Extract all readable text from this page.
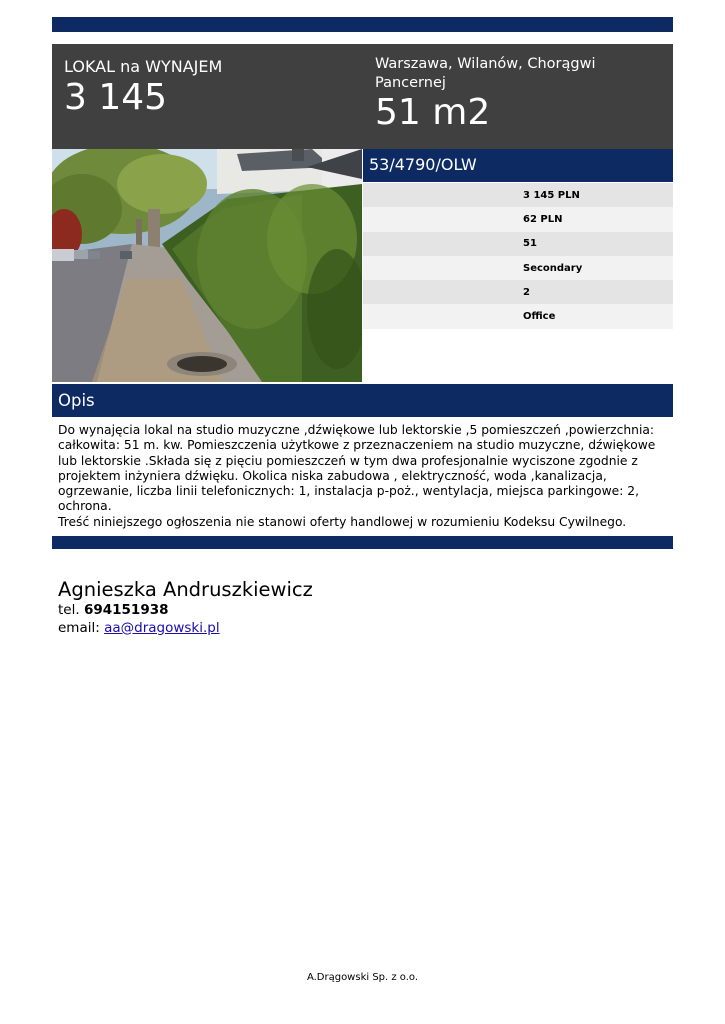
LOKAL na WYNAJEM
3 145
Warszawa, Wilanów, Chorągwi Pancernej
51 m2
53/4790/OLW
3 145 PLN
62 PLN
51
Secondary
2
Office
Opis

Do wynajęcia lokal na studio muzyczne ,dźwiękowe lub lektorskie ,5 pomieszczeń ,powierzchnia: całkowita: 51 m. kw. Pomieszczenia użytkowe z przeznaczeniem na studio muzyczne, dźwiękowe lub lektorskie .Składa się z pięciu pomieszczeń w tym dwa profesjonalnie wyciszone zgodnie z projektem inżyniera dźwięku. Okolica niska zabudowa , elektryczność, woda ,kanalizacja, ogrzewanie, liczba linii telefonicznych: 1, instalacja p-poż., wentylacja, miejsca parkingowe: 2, ochrona.

Treść niniejszego ogłoszenia nie stanowi oferty handlowej w rozumieniu Kodeksu Cywilnego.

Agnieszka Andruszkiewicz
tel. 694151938
email: aa@dragowski.pl
A.Drągowski Sp. z o.o.
